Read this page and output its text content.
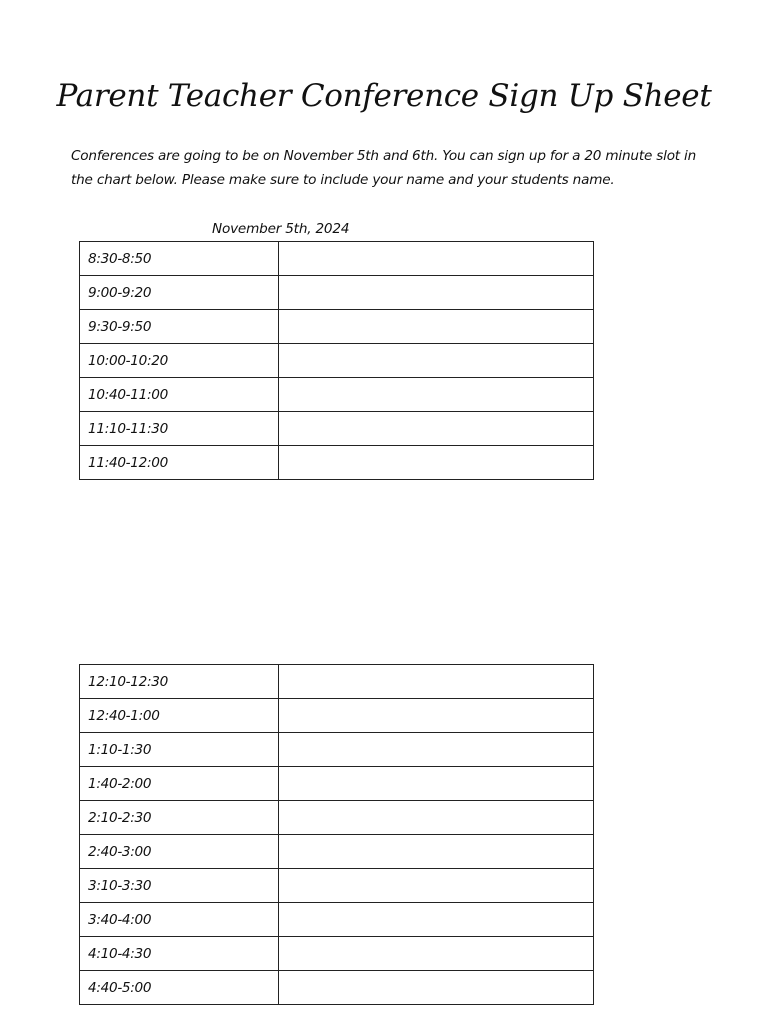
Parent Teacher Conference Sign Up Sheet

Conferences are going to be on November 5th and 6th. You can sign up for a 20 minute slot in the chart below. Please make sure to include your name and your students name.

November 5th, 2024
8:30-8:50	
9:00-9:20	
9:30-9:50	
10:00-10:20	
10:40-11:00	
11:10-11:30	
11:40-12:00	
12:10-12:30	
12:40-1:00	
1:10-1:30	
1:40-2:00	
2:10-2:30	
2:40-3:00	
3:10-3:30	
3:40-4:00	
4:10-4:30	
4:40-5:00	
